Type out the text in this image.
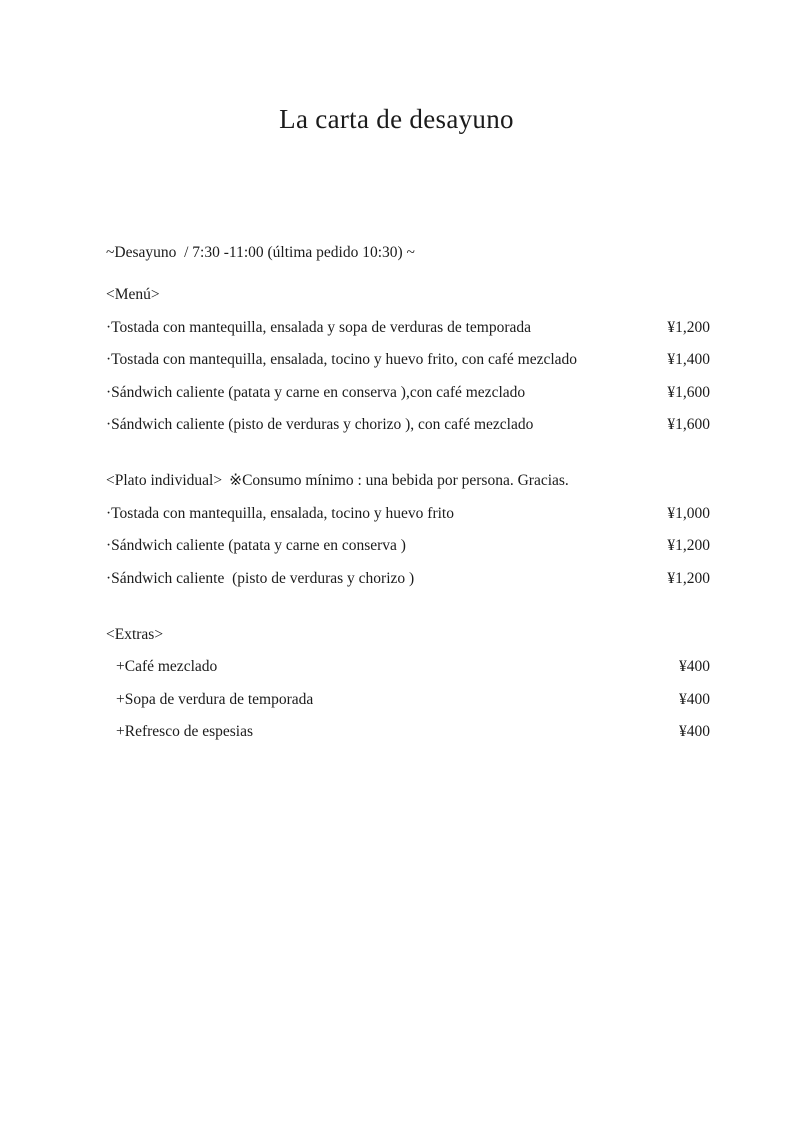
La carta de desayuno

~Desayuno  / 7:30 -11:00 (última pedido 10:30) ~

<Menú>
·Tostada con mantequilla, ensalada y sopa de verduras de temporada	¥1,200
·Tostada con mantequilla, ensalada, tocino y huevo frito, con café mezclado	¥1,400
·Sándwich caliente (patata y carne en conserva ),con café mezclado	¥1,600
·Sándwich caliente (pisto de verduras y chorizo ), con café mezclado	¥1,600
<Plato individual> ※Consumo mínimo : una bebida por persona. Gracias.
·Tostada con mantequilla, ensalada, tocino y huevo frito	¥1,000
·Sándwich caliente (patata y carne en conserva )	¥1,200
·Sándwich caliente  (pisto de verduras y chorizo )	¥1,200
<Extras>
+Café mezclado	¥400
+Sopa de verdura de temporada	¥400
+Refresco de espesias	¥400
